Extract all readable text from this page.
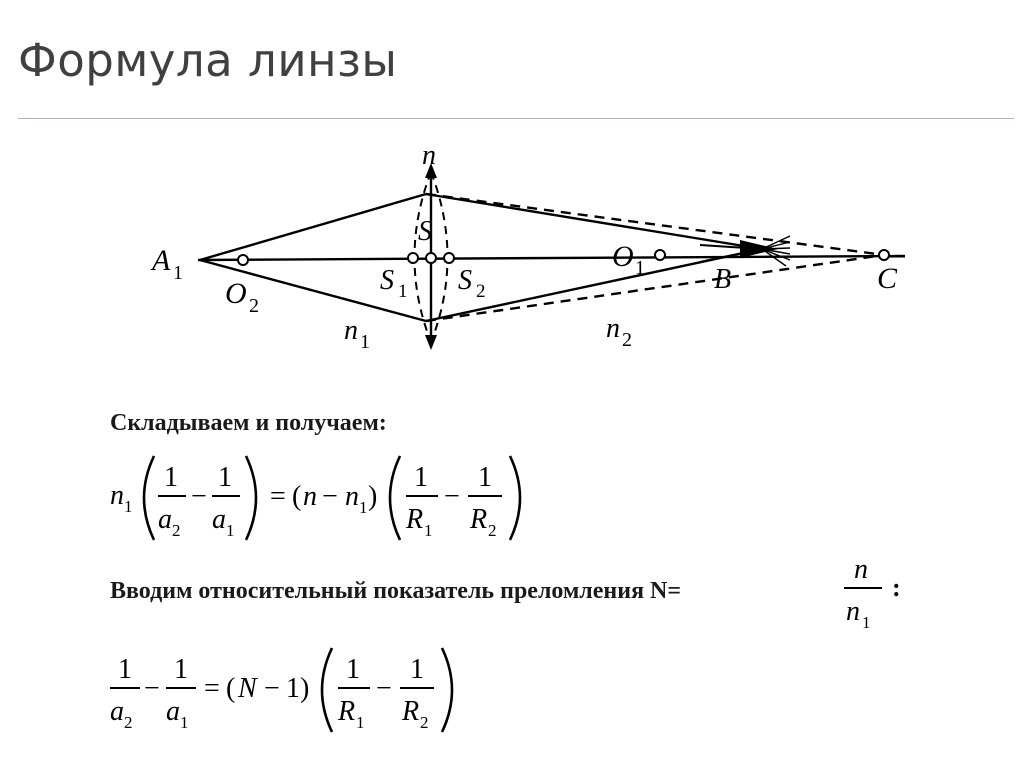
Формула линзы
n
S
A 1
O 2
S 1 S 2
O 1 B	C
n 1	n 2
Складываем и получаем:
n 1
1
a 2
−
1
a 1
= ( n − n 1 )
1
R 1
−
1
R 2
Вводим относительный показатель преломления N=
n
n 1
:
1
a 2
−
1
a 1
= ( N − 1 )
1
R 1
−
1
R 2
